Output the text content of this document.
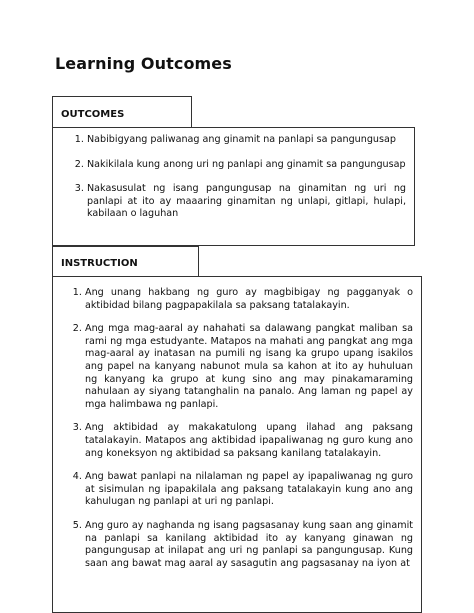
Learning Outcomes
OUTCOMES
1. Nabibigyang paliwanag ang ginamit na panlapi sa pangungusap
2. Nakikilala kung anong uri ng panlapi ang ginamit sa pangungusap
3. Nakasusulat ng isang pangungusap na ginamitan ng uri ng panlapi at ito ay maaaring ginamitan ng unlapi, gitlapi, hulapi, kabilaan o laguhan
INSTRUCTION
1. Ang unang hakbang ng guro ay magbibigay ng pagganyak o aktibidad bilang pagpapakilala sa paksang tatalakayin.
2. Ang mga mag-aaral ay nahahati sa dalawang pangkat maliban sa rami ng mga estudyante. Matapos na mahati ang pangkat ang mga mag-aaral ay inatasan na pumili ng isang ka grupo upang isakilos ang papel na kanyang nabunot mula sa kahon at ito ay huhuluan ng kanyang ka grupo at kung sino ang may pinakamaraming nahulaan ay siyang tatanghalin na panalo. Ang laman ng papel ay mga halimbawa ng panlapi.
3. Ang aktibidad ay makakatulong upang ilahad ang paksang tatalakayin. Matapos ang aktibidad ipapaliwanag ng guro kung ano ang koneksyon ng aktibidad sa paksang kanilang tatalakayin.
4. Ang bawat panlapi na nilalaman ng papel ay ipapaliwanag ng guro at sisimulan ng ipapakilala ang paksang tatalakayin kung ano ang kahulugan ng panlapi at uri ng panlapi.
5. Ang guro ay naghanda ng isang pagsasanay kung saan ang ginamit na panlapi sa kanilang aktibidad ito ay kanyang ginawan ng pangungusap at inilapat ang uri ng panlapi sa pangungusap. Kung saan ang bawat mag aaral ay sasagutin ang pagsasanay na iyon at
